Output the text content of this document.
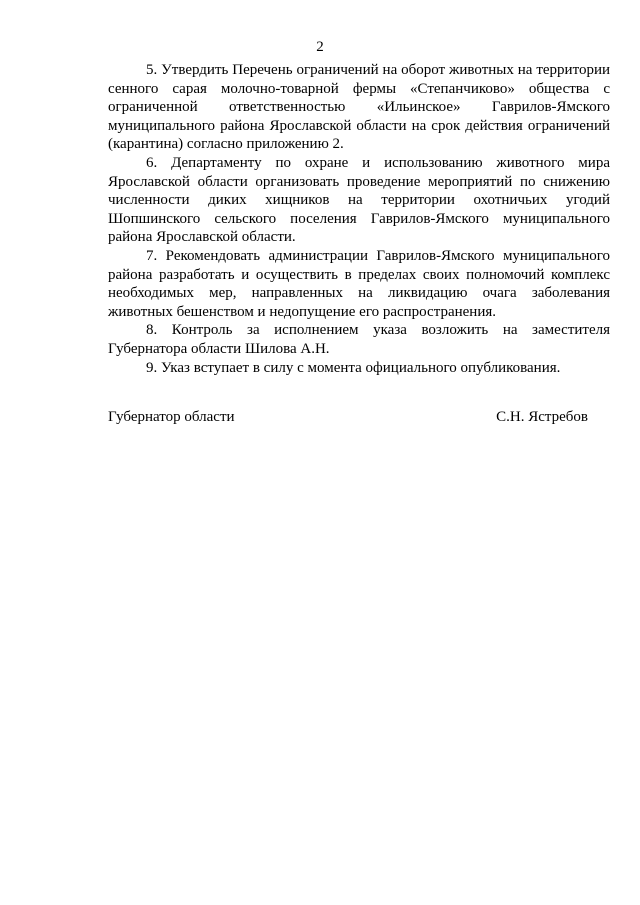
2

5. Утвердить Перечень ограничений на оборот животных на территории сенного сарая молочно-товарной фермы «Степанчиково» общества с ограниченной ответственностью «Ильинское» Гаврилов-Ямского муниципального района Ярославской области на срок действия ограничений (карантина) согласно приложению 2.

6. Департаменту по охране и использованию животного мира Ярославской области организовать проведение мероприятий по снижению численности диких хищников на территории охотничьих угодий Шопшинского сельского поселения Гаврилов-Ямского муниципального района Ярославской области.

7. Рекомендовать администрации Гаврилов-Ямского муниципального района разработать и осуществить в пределах своих полномочий комплекс необходимых мер, направленных на ликвидацию очага заболевания животных бешенством и недопущение его распространения.

8. Контроль за исполнением указа возложить на заместителя Губернатора области Шилова А.Н.

9. Указ вступает в силу с момента официального опубликования.

Губернатор области	С.Н. Ястребов
